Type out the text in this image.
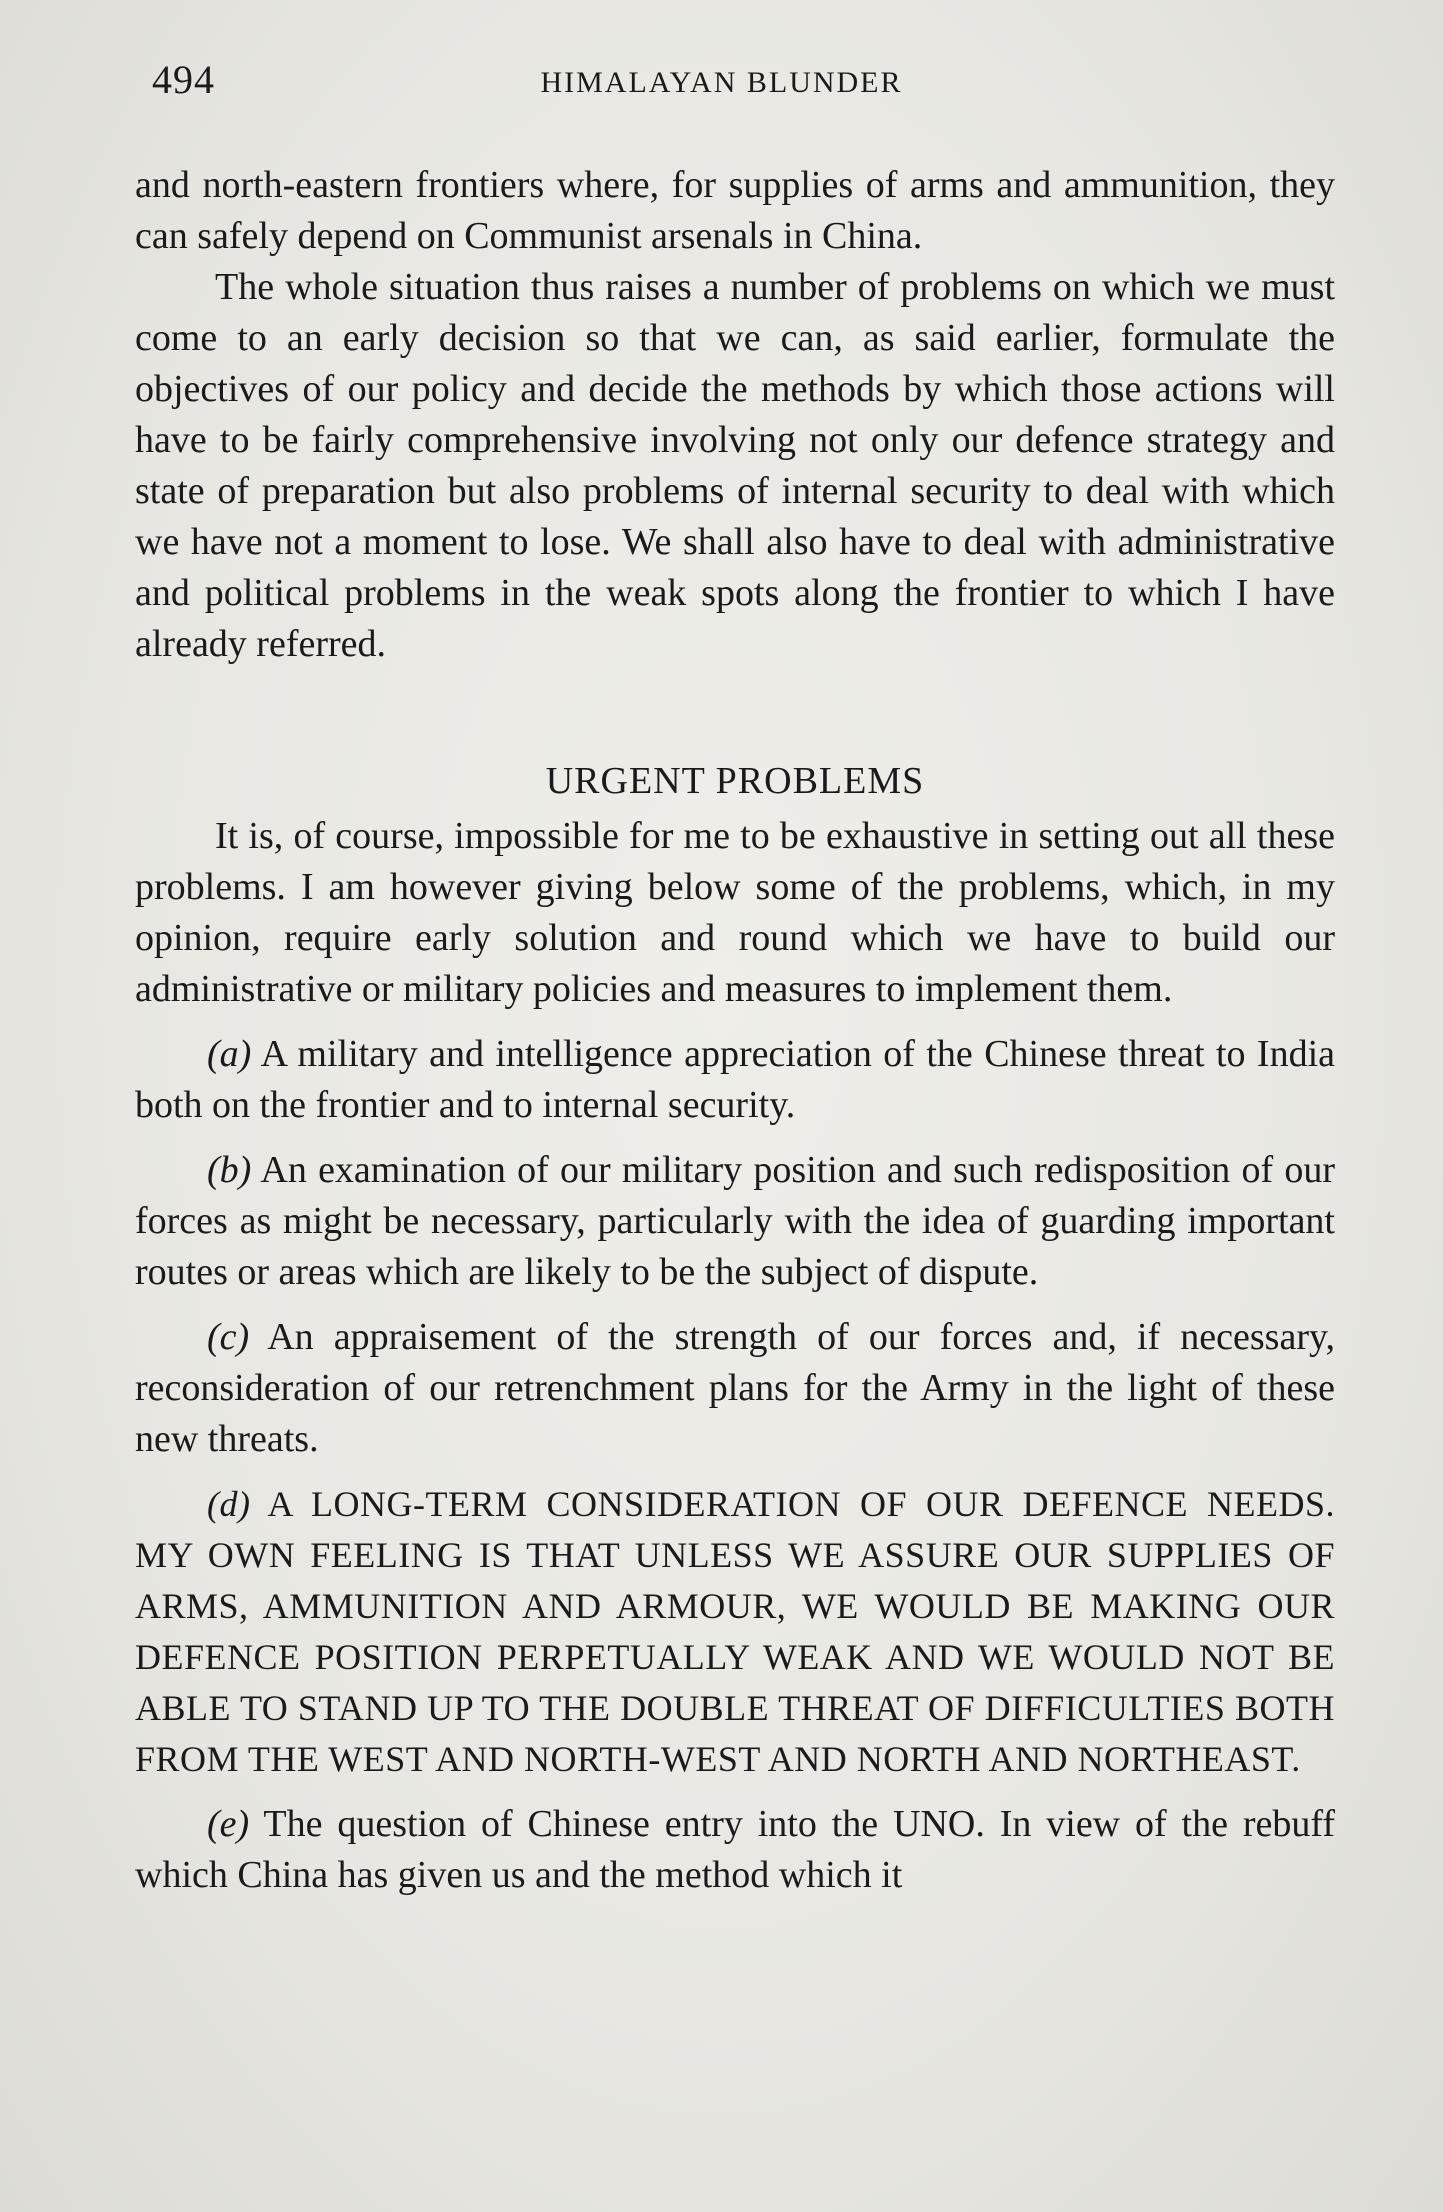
494	HIMALAYAN BLUNDER

and north-eastern frontiers where, for supplies of arms and ammunition, they can safely depend on Communist arsenals in China.

The whole situation thus raises a number of problems on which we must come to an early decision so that we can, as said earlier, formulate the objectives of our policy and decide the methods by which those actions will have to be fairly comprehensive involving not only our defence strategy and state of preparation but also problems of internal security to deal with which we have not a moment to lose. We shall also have to deal with administrative and political problems in the weak spots along the frontier to which I have already referred.

URGENT PROBLEMS

It is, of course, impossible for me to be exhaustive in setting out all these problems. I am however giving below some of the problems, which, in my opinion, require early solution and round which we have to build our administrative or military policies and measures to implement them.

(a) A military and intelligence appreciation of the Chinese threat to India both on the frontier and to internal security.

(b) An examination of our military position and such redisposition of our forces as might be necessary, particularly with the idea of guarding important routes or areas which are likely to be the subject of dispute.

(c) An appraisement of the strength of our forces and, if necessary, reconsideration of our retrenchment plans for the Army in the light of these new threats.

(d) A LONG-TERM CONSIDERATION OF OUR DEFENCE NEEDS. MY OWN FEELING IS THAT UNLESS WE ASSURE OUR SUPPLIES OF ARMS, AMMUNITION AND ARMOUR, WE WOULD BE MAKING OUR DEFENCE POSITION PERPETUALLY WEAK AND WE WOULD NOT BE ABLE TO STAND UP TO THE DOUBLE THREAT OF DIFFICULTIES BOTH FROM THE WEST AND NORTH-WEST AND NORTH AND NORTHEAST.

(e) The question of Chinese entry into the UNO. In view of the rebuff which China has given us and the method which it
